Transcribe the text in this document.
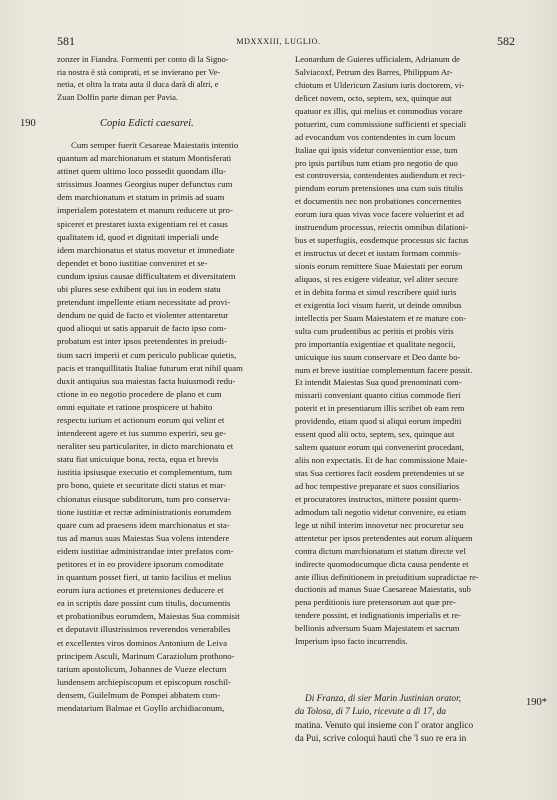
581	MDXXXIII, LUGLIO.	582
zonzer in Fiandra. Formenti per conto di la Signo-
ria nostra è stà comprati, et se invierano per Ve-
netia, et oltra la trata auta il duca darà di altri, e
Zuan Dolfin parte diman per Pavia.
190	Copia Edicti caesarei.
Cum semper fuerit Cesareae Maiestatis intentio
quantum ad marchionatum et statum Montisferati
attinet quem ultimo loco possedit quondam illu-
strissimus Joannes Georgius nuper defunctus cum
dem marchionatum et statum in primis ad suam
imperialem potestatem et manum reducere ut pro-
spiceret et prestaret iuxta exigentiam rei et casus
qualitatem id, quod et dignitati imperiali unde
idem marchionatus et status movetur et immediate
dependet et bono iustitiae conveniret et se-
cundum ipsius causae difficultatem et diversitatem
ubi plures sese exhibent qui ius in eodem statu
pretendunt impellente etiam necessitate ad provi-
dendum ne quid de facto et violenter attentaretur
quod alioqui ut satis apparuit de facto ipso com-
probatum est inter ipsos pretendentes in preiudi-
tium sacri imperii et cum periculo publicae quietis,
pacis et tranquillitatis Italiae futurum erat nihil quam
duxit antiquius sua maiestas facta huiusmodi redu-
ctione in eo negotio procedere de plano et cum
omni equitate et ratione prospicere ut habito
respectu iurium et actionum eorum qui velint et
intenderent agere et ius summo experiri, seu ge-
neraliter seu particulariter, in dicto marchionatu et
statu fiat unicuique bona, recta, equa et brevis
iustitia ipsiusque executio et complementum, tum
pro bono, quiete et securitate dicti status et mar-
chionatus eiusque subditorum, tum pro conserva-
tione iustitiæ et rectæ administrationis eorumdem
quare cum ad praesens idem marchionatus et sta-
tus ad manus suas Maiestas Sua volens intendere
eidem iustitiae administrandae inter prefatos com-
petitores et in eo providere ipsorum comoditate
in quantum posset fieri, ut tanto facilius et melius
eorum iura actiones et pretensiones deducere et
ea in scriptis dare possint cum titulis, documentis
et probationibus eorumdem, Maiestas Sua commisit
et deputavit illustrissimos reverendos venerabiles
et excellentes viros dominos Antonium de Leiva
principem Asculi, Marinum Caraziolum prothono-
tarium apostolicum, Johannes de Vueze electum
lundensem archiepiscopum et episcopum roschil-
densem, Guilelmum de Pompei abbatem com-
mendatarium Balmae et Goyllo archidiaconum,
Leonardum de Guieres ufficialem, Adrianum de
Salviacoxf, Petrum des Barres, Philippum Ar-
chiotum et Uldericum Zasium iuris doctorem, vi-
delicet novem, octo, septem, sex, quinque aut
quatuor ex illis, qui melius et commodius vocare
potuerint, cum commissione sufficienti et speciali
ad evocandum vos contendentes in cum locum
Italiae qui ipsis videtur convenientior esse, tum
pro ipsis partibus tum etiam pro negotio de quo
est controversia, contendentes audiendum et reci-
piendum eorum pretensiones una cum suis titulis
et documentis nec non probationes concernentes
eorum iura quas vivas voce facere voluerint et ad
instruendum processus, reiectis omnibus dilationi-
bus et superfugiis, eosdemque processus sic factus
et instructus ut decet et iustam formam commis-
sionis eorum remittere Suae Maiestati per eorum
aliquos, si res exigere videatur, vel aliter secure
et in debita forma et simul rescribere quid iuris
et exigentia loci visum fuerit, ut deinde omnibus
intellectis per Suam Maiestatem et re mature con-
sulta cum prudentibus ac peritis et probis viris
pro importantia exigentiae et qualitate negocii,
unicuique ius suum conservare et Deo dante bo-
num et breve iustitiae complementum facere possit.
Et intendit Maiestas Sua quod prenominati com-
missarii conveniant quanto citius commode fieri
poterit et in presentiarum illis scribet ob eam rem
providendo, etiam quod si aliqui eorum impediti
essent quod alii octo, septem, sex, quinque aut
saltem quatuor eorum qui convenerint procedant,
aliis non expectatis. Et de hac commissione Maie-
stas Sua certiores facit eosdem pretendentes ut se
ad hoc tempestive preparare et suos consiliarios
et procuratores instructos, mittere possint quem-
admodum tali negotio videtur convenire, ea etiam
lege ut nihil interim innovetur nec procuretur seu
attentetur per ipsos pretendentes aut eorum aliquem
contra dictum marchionatum et statum directe vel
indirecte quomodocumque dicta causa pendente et
ante illius definitionem in preiuditium supradictae re-
ductionis ad manus Suae Caesareae Maiestatis, sub
pena perditionis iure pretensorum aut quæ pre-
tendere possint, et indignationis imperialis et re-
bellionis adversum Suam Majestatem et sacrum
Imperium ipso facto incurrendis.
190*
Di Franza, di sier Marin Justinian orator,
da Tolosa, di 7 Luio, ricevute a dì 17, da
matina. Venuto qui insieme con l' orator anglico
da Pui, scrive coloqui hauti che 'l suo re era in
